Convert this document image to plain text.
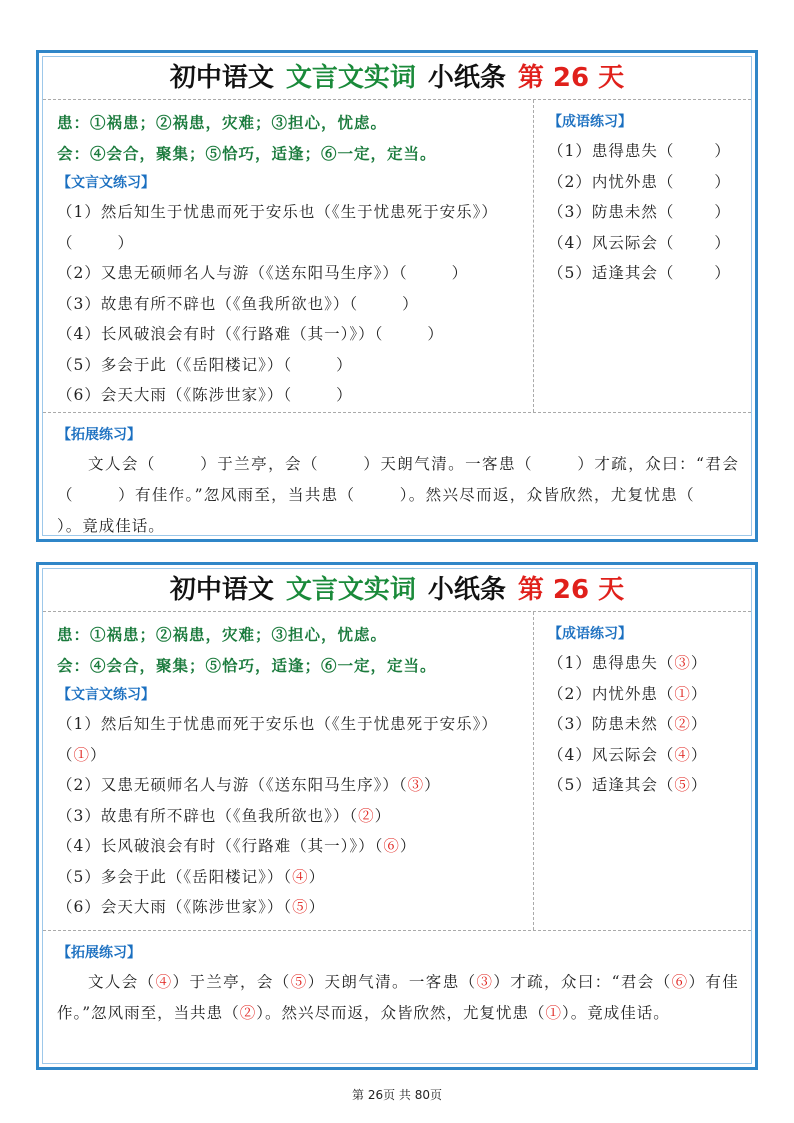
初中语文 文言文实词 小纸条 第 26 天
患：①祸患；②祸患，灾难；③担心，忧虑。
会：④会合，聚集；⑤恰巧，适逢；⑥一定，定当。
【文言文练习】
（1）然后知生于忧患而死于安乐也（《生于忧患死于安乐》）
（	）
（2）又患无硕师名人与游（《送东阳马生序》）（	）
（3）故患有所不辟也（《鱼我所欲也》）（	）
（4）长风破浪会有时（《行路难（其一）》）（	）
（5）多会于此（《岳阳楼记》）（	）
（6）会天大雨（《陈涉世家》）（	）
【成语练习】
（1）患得患失（	）
（2）内忧外患（	）
（3）防患未然（	）
（4）风云际会（	）
（5）适逢其会（	）
【拓展练习】
文人会（	）于兰亭，会（	）天朗气清。一客患（	）才疏，众曰：“君会（	）有佳作。”忽风雨至，当共患（	）。然兴尽而返，众皆欣然，尤复忧患（）。竟成佳话。
初中语文 文言文实词 小纸条 第 26 天
患：①祸患；②祸患，灾难；③担心，忧虑。
会：④会合，聚集；⑤恰巧，适逢；⑥一定，定当。
【文言文练习】
（1）然后知生于忧患而死于安乐也（《生于忧患死于安乐》）
（①）
（2）又患无硕师名人与游（《送东阳马生序》）（③）
（3）故患有所不辟也（《鱼我所欲也》）（②）
（4）长风破浪会有时（《行路难（其一）》）（⑥）
（5）多会于此（《岳阳楼记》）（④）
（6）会天大雨（《陈涉世家》）（⑤）
【成语练习】
（1）患得患失（③）
（2）内忧外患（①）
（3）防患未然（②）
（4）风云际会（④）
（5）适逢其会（⑤）
【拓展练习】
文人会（④）于兰亭，会（⑤）天朗气清。一客患（③）才疏，众曰：“君会（⑥）有佳作。”忽风雨至，当共患（②）。然兴尽而返，众皆欣然，尤复忧患（①）。竟成佳话。
第 26页 共 80页
